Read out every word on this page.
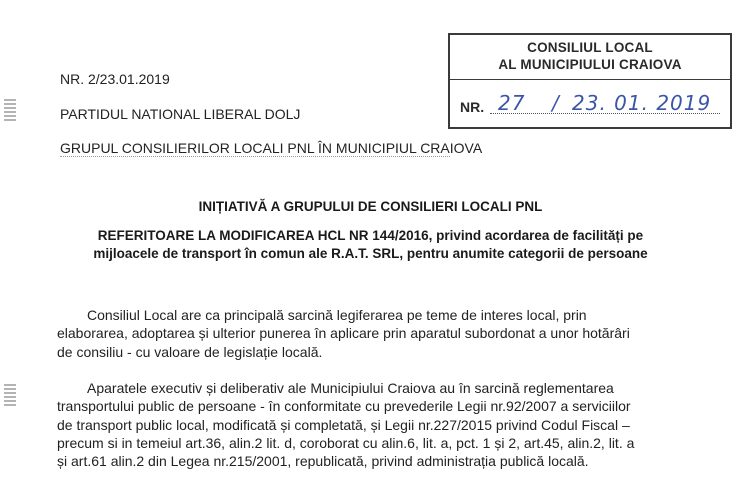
CONSILIUL LOCAL
AL MUNICIPIULUI CRAIOVA
NR. 27 / 23. 01. 2019
NR. 2/23.01.2019
PARTIDUL NATIONAL LIBERAL DOLJ
GRUPUL CONSILIERILOR LOCALI PNL ÎN MUNICIPIUL CRAIOVA
INIȚIATIVĂ A GRUPULUI DE CONSILIERI LOCALI PNL
REFERITOARE LA MODIFICAREA HCL NR 144/2016, privind acordarea de facilități pe
mijloacele de transport în comun ale R.A.T. SRL, pentru anumite categorii de persoane
Consiliul Local are ca principală sarcină legiferarea pe teme de interes local, prin
elaborarea, adoptarea și ulterior punerea în aplicare prin aparatul subordonat a unor hotărâri
de consiliu - cu valoare de legislație locală.
Aparatele executiv și deliberativ ale Municipiului Craiova au în sarcină reglementarea
transportului public de persoane - în conformitate cu prevederile Legii nr.92/2007 a serviciilor
de transport public local, modificată și completată, și Legii nr.227/2015 privind Codul Fiscal –
precum si in temeiul art.36, alin.2 lit. d, coroborat cu alin.6, lit. a, pct. 1 și 2, art.45, alin.2, lit. a
și art.61 alin.2 din Legea nr.215/2001, republicată, privind administrația publică locală.
